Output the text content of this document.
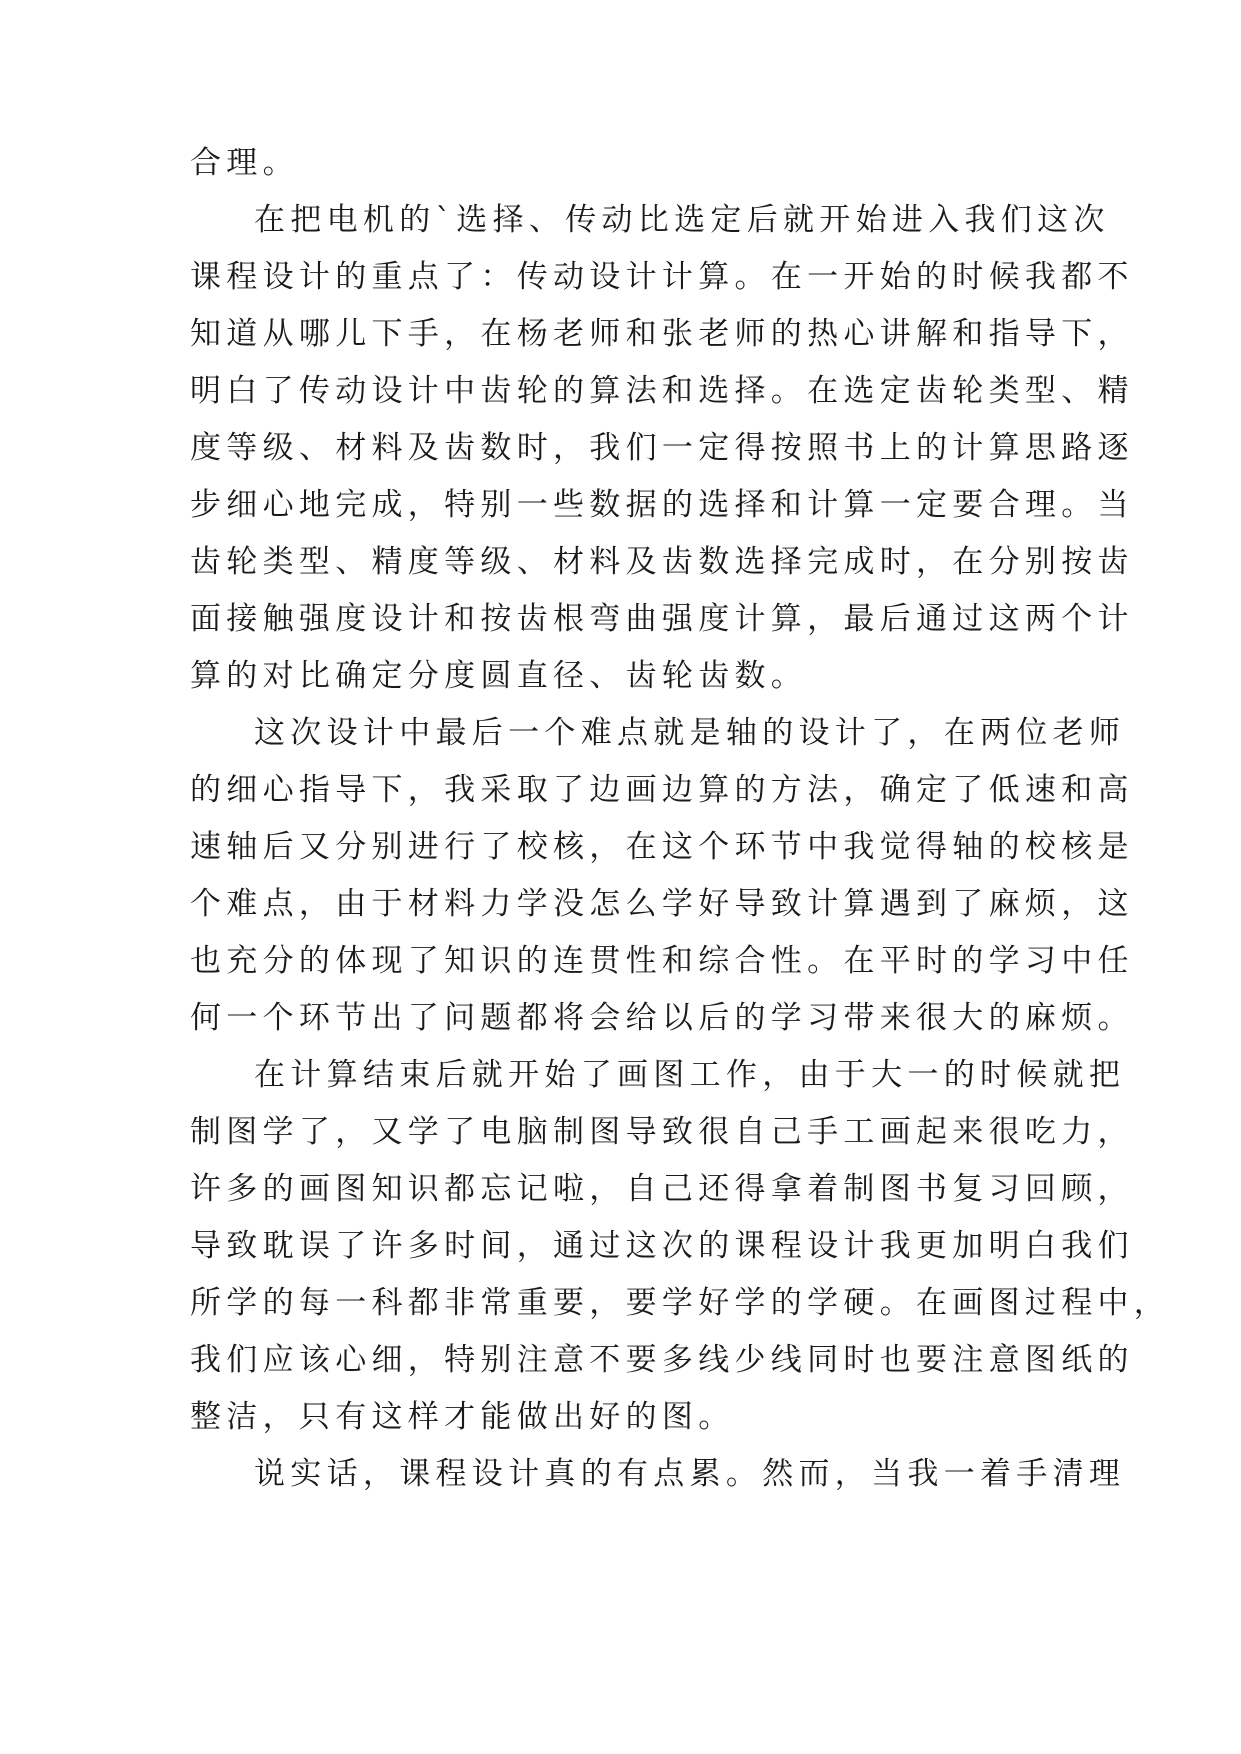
合理。
在把电机的`选择、传动比选定后就开始进入我们这次
课程设计的重点了：传动设计计算。在一开始的时候我都不
知道从哪儿下手，在杨老师和张老师的热心讲解和指导下，
明白了传动设计中齿轮的算法和选择。在选定齿轮类型、精
度等级、材料及齿数时，我们一定得按照书上的计算思路逐
步细心地完成，特别一些数据的选择和计算一定要合理。当
齿轮类型、精度等级、材料及齿数选择完成时，在分别按齿
面接触强度设计和按齿根弯曲强度计算，最后通过这两个计
算的对比确定分度圆直径、齿轮齿数。
这次设计中最后一个难点就是轴的设计了，在两位老师
的细心指导下，我采取了边画边算的方法，确定了低速和高
速轴后又分别进行了校核，在这个环节中我觉得轴的校核是
个难点，由于材料力学没怎么学好导致计算遇到了麻烦，这
也充分的体现了知识的连贯性和综合性。在平时的学习中任
何一个环节出了问题都将会给以后的学习带来很大的麻烦。
在计算结束后就开始了画图工作，由于大一的时候就把
制图学了，又学了电脑制图导致很自己手工画起来很吃力，
许多的画图知识都忘记啦，自己还得拿着制图书复习回顾，
导致耽误了许多时间，通过这次的课程设计我更加明白我们
所学的每一科都非常重要，要学好学的学硬。在画图过程中，
我们应该心细，特别注意不要多线少线同时也要注意图纸的
整洁，只有这样才能做出好的图。
说实话，课程设计真的有点累。然而，当我一着手清理
